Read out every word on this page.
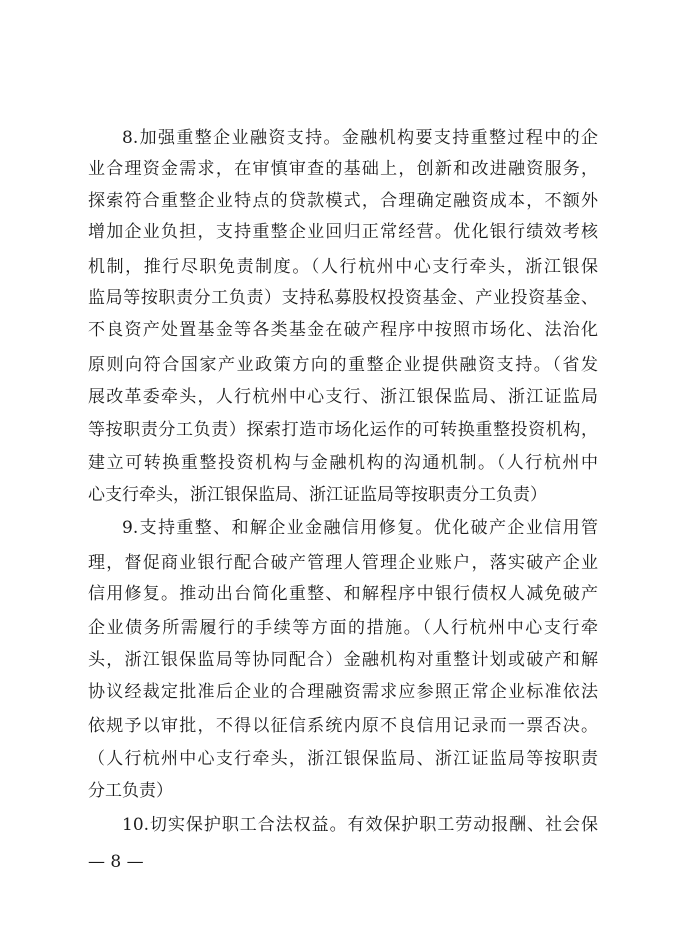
8.加强重整企业融资支持。金融机构要支持重整过程中的企
业合理资金需求，在审慎审查的基础上，创新和改进融资服务，
探索符合重整企业特点的贷款模式，合理确定融资成本，不额外
增加企业负担，支持重整企业回归正常经营。优化银行绩效考核
机制，推行尽职免责制度。（人行杭州中心支行牵头，浙江银保
监局等按职责分工负责）支持私募股权投资基金、产业投资基金、
不良资产处置基金等各类基金在破产程序中按照市场化、法治化
原则向符合国家产业政策方向的重整企业提供融资支持。（省发
展改革委牵头，人行杭州中心支行、浙江银保监局、浙江证监局
等按职责分工负责）探索打造市场化运作的可转换重整投资机构，
建立可转换重整投资机构与金融机构的沟通机制。（人行杭州中
心支行牵头，浙江银保监局、浙江证监局等按职责分工负责）
9.支持重整、和解企业金融信用修复。优化破产企业信用管
理，督促商业银行配合破产管理人管理企业账户，落实破产企业
信用修复。推动出台简化重整、和解程序中银行债权人减免破产
企业债务所需履行的手续等方面的措施。（人行杭州中心支行牵
头，浙江银保监局等协同配合）金融机构对重整计划或破产和解
协议经裁定批准后企业的合理融资需求应参照正常企业标准依法
依规予以审批，不得以征信系统内原不良信用记录而一票否决。
（人行杭州中心支行牵头，浙江银保监局、浙江证监局等按职责
分工负责）
10.切实保护职工合法权益。有效保护职工劳动报酬、社会保
— 8 —
